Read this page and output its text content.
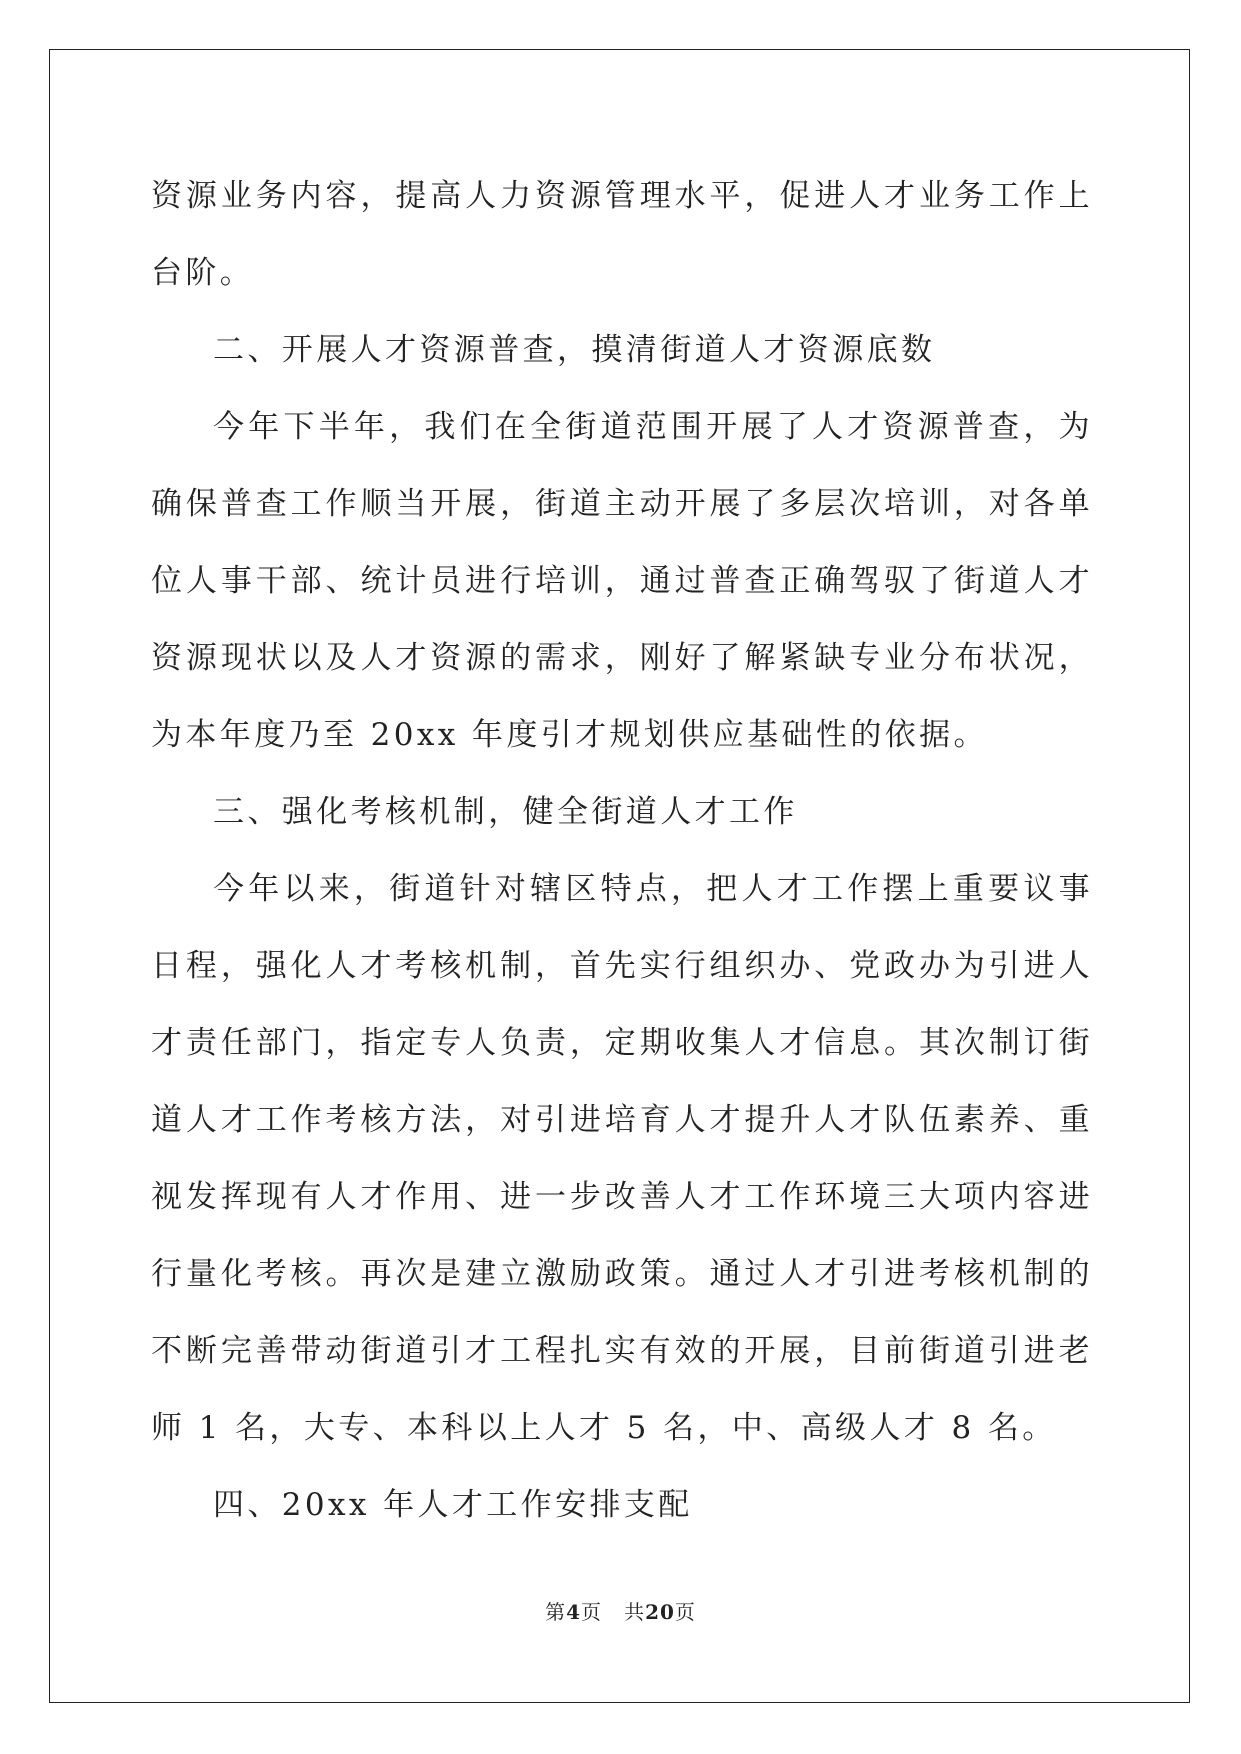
资源业务内容，提高人力资源管理水平，促进人才业务工作上台阶。

二、开展人才资源普查，摸清街道人才资源底数

今年下半年，我们在全街道范围开展了人才资源普查，为确保普查工作顺当开展，街道主动开展了多层次培训，对各单位人事干部、统计员进行培训，通过普查正确驾驭了街道人才资源现状以及人才资源的需求，刚好了解紧缺专业分布状况，为本年度乃至 20xx 年度引才规划供应基础性的依据。

三、强化考核机制，健全街道人才工作

今年以来，街道针对辖区特点，把人才工作摆上重要议事日程，强化人才考核机制，首先实行组织办、党政办为引进人才责任部门，指定专人负责，定期收集人才信息。其次制订街道人才工作考核方法，对引进培育人才提升人才队伍素养、重视发挥现有人才作用、进一步改善人才工作环境三大项内容进行量化考核。再次是建立激励政策。通过人才引进考核机制的不断完善带动街道引才工程扎实有效的开展，目前街道引进老师 1 名，大专、本科以上人才 5 名，中、高级人才 8 名。

四、20xx 年人才工作安排支配

第4页 共20页
